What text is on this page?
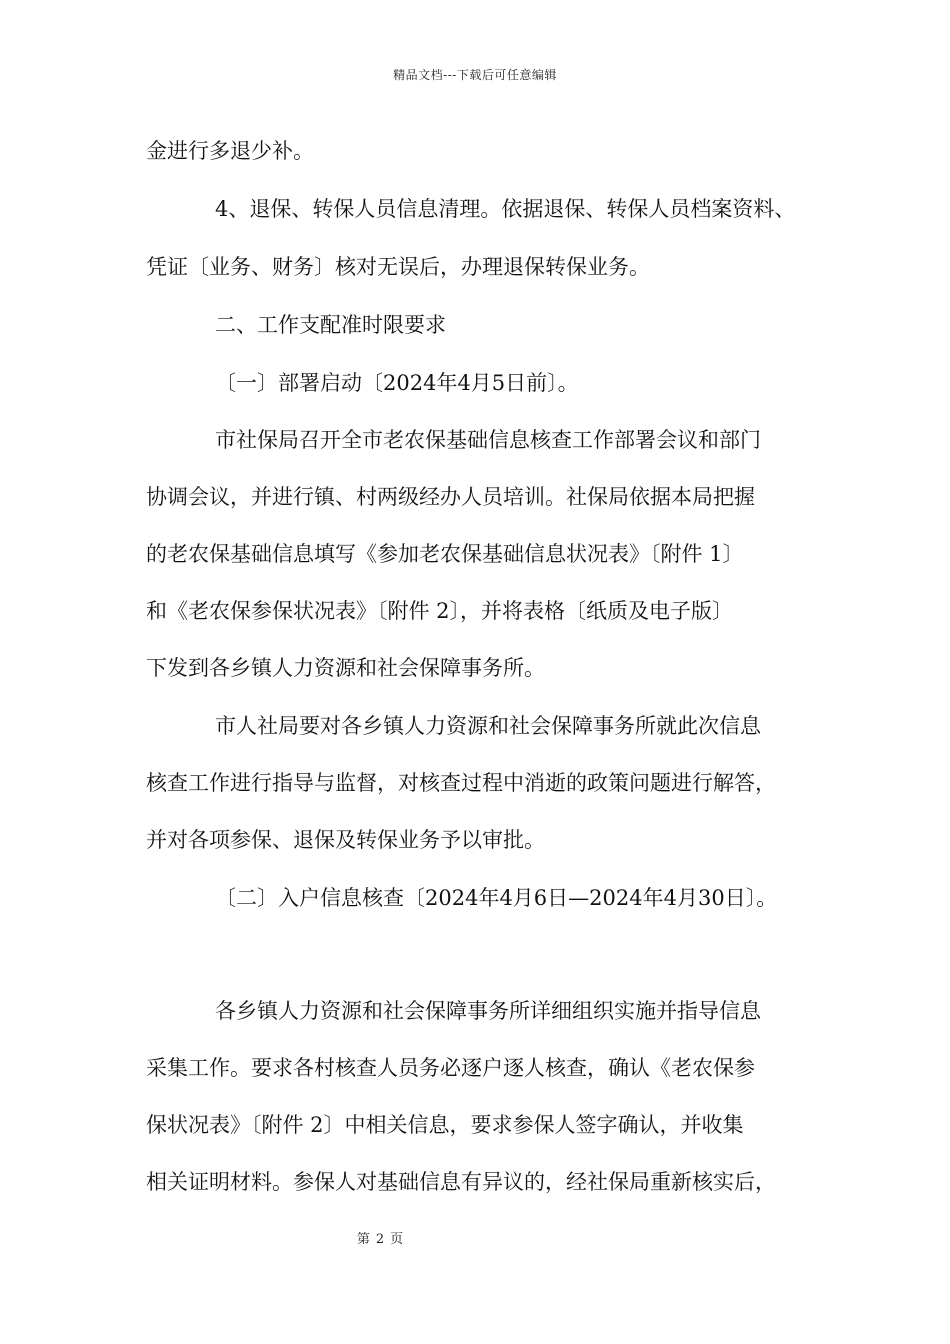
精品文档---下载后可任意编辑
金进行多退少补。
4、退保、转保人员信息清理。依据退保、转保人员档案资料、
凭证〔业务、财务〕核对无误后，办理退保转保业务。
二、工作支配准时限要求
〔一〕部署启动〔2024年4月5日前〕。
市社保局召开全市老农保基础信息核查工作部署会议和部门
协调会议，并进行镇、村两级经办人员培训。社保局依据本局把握
的老农保基础信息填写《参加老农保基础信息状况表》〔附件 1〕
和《老农保参保状况表》〔附件 2〕，并将表格〔纸质及电子版〕
下发到各乡镇人力资源和社会保障事务所。
市人社局要对各乡镇人力资源和社会保障事务所就此次信息
核查工作进行指导与监督，对核查过程中消逝的政策问题进行解答，
并对各项参保、退保及转保业务予以审批。
〔二〕入户信息核查〔2024年4月6日—2024年4月30日〕。
各乡镇人力资源和社会保障事务所详细组织实施并指导信息
采集工作。要求各村核查人员务必逐户逐人核查，确认《老农保参
保状况表》〔附件 2〕中相关信息，要求参保人签字确认，并收集
相关证明材料。参保人对基础信息有异议的，经社保局重新核实后，
第 2 页
